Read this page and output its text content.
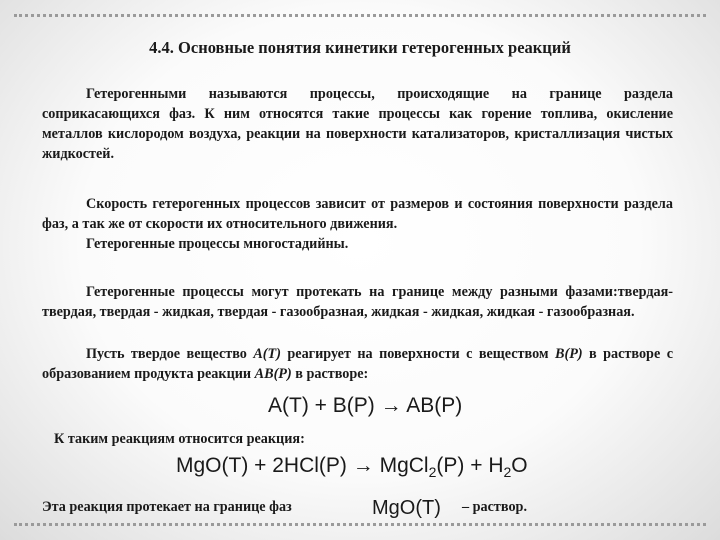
4.4. Основные понятия кинетики гетерогенных реакций
Гетерогенными называются процессы, происходящие на границе раздела соприкасающихся фаз. К ним относятся такие процессы как горение топлива, окисление металлов кислородом воздуха, реакции на поверхности катализаторов, кристаллизация чистых жидкостей.
Скорость гетерогенных процессов зависит от размеров и состояния поверхности раздела фаз, а так же от скорости их относительного движения.
Гетерогенные процессы многостадийны.
Гетерогенные процессы могут протекать на границе между разными фазами:твердая-твердая, твердая - жидкая, твердая - газообразная, жидкая - жидкая, жидкая - газообразная.
Пусть твердое вещество A(T) реагирует на поверхности с веществом B(P) в растворе с образованием продукта реакции AB(P) в растворе:
A(T) + B(P) → AB(P)
К таким реакциям относится реакция:
MgO(T) + 2HCl(P) → MgCl$_2$(P) + $H_2O$
Эта реакция протекает на границе фаз	MgO(T) – раствор.
